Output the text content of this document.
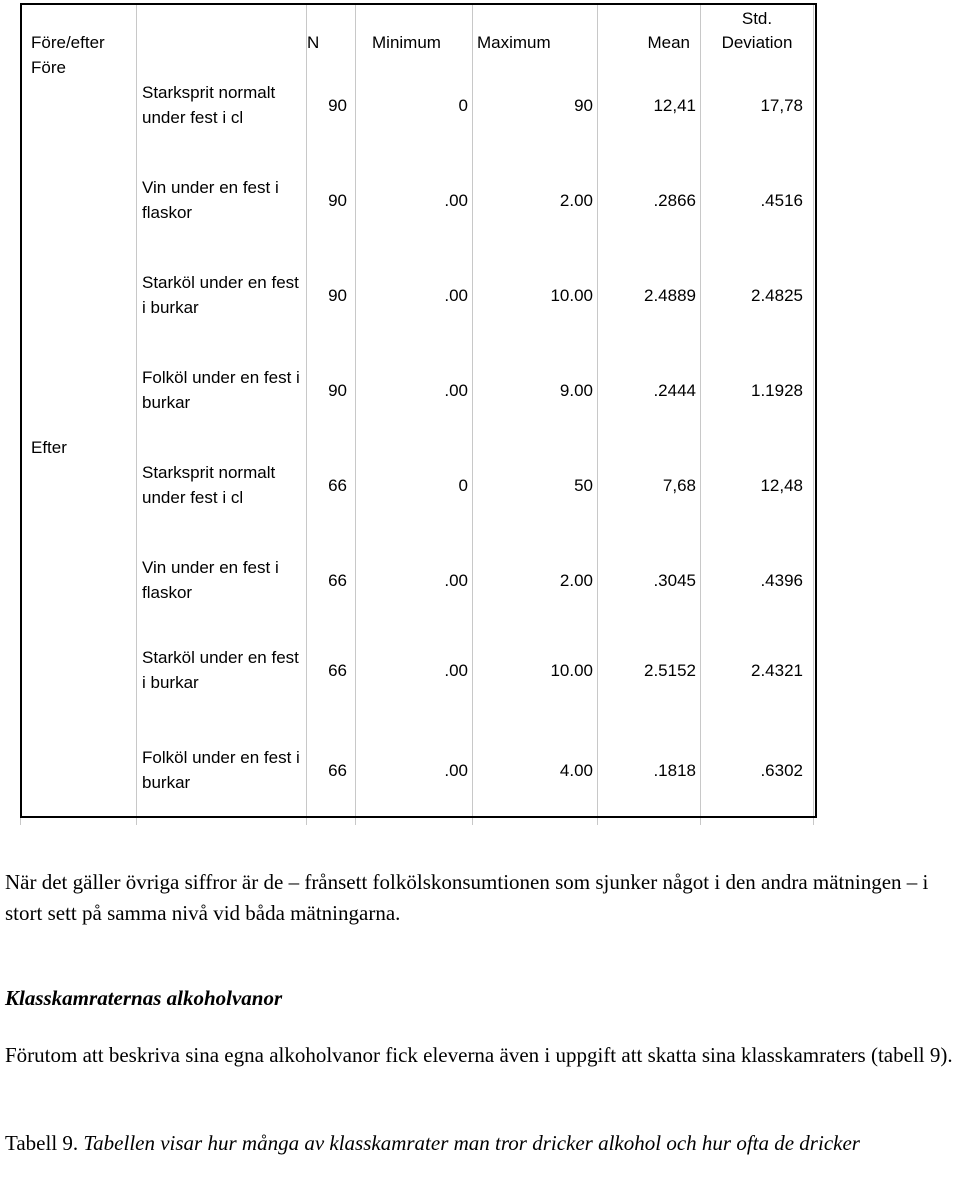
Före/efter		N	Minimum	Maximum	Mean	Std.
Deviation

Före	Starksprit normalt under fest i cl	90	0	90	12,41	17,78
	Vin under en fest i flaskor	90	.00	2.00	.2866	.4516
	Starköl under en fest i burkar	90	.00	10.00	2.4889	2.4825
	Folköl under en fest i burkar	90	.00	9.00	.2444	1.1928
Efter	Starksprit normalt under fest i cl	66	0	50	7,68	12,48
	Vin under en fest i flaskor	66	.00	2.00	.3045	.4396
	Starköl under en fest i burkar	66	.00	10.00	2.5152	2.4321
	Folköl under en fest i burkar	66	.00	4.00	.1818	.6302

När det gäller övriga siffror är de – frånsett folkölskonsumtionen som sjunker något i den andra mätningen – i stort sett på samma nivå vid båda mätningarna.

Klasskamraternas alkoholvanor

Förutom att beskriva sina egna alkoholvanor fick eleverna även i uppgift att skatta sina klasskamraters (tabell 9).

Tabell 9. Tabellen visar hur många av klasskamrater man tror dricker alkohol och hur ofta de dricker
